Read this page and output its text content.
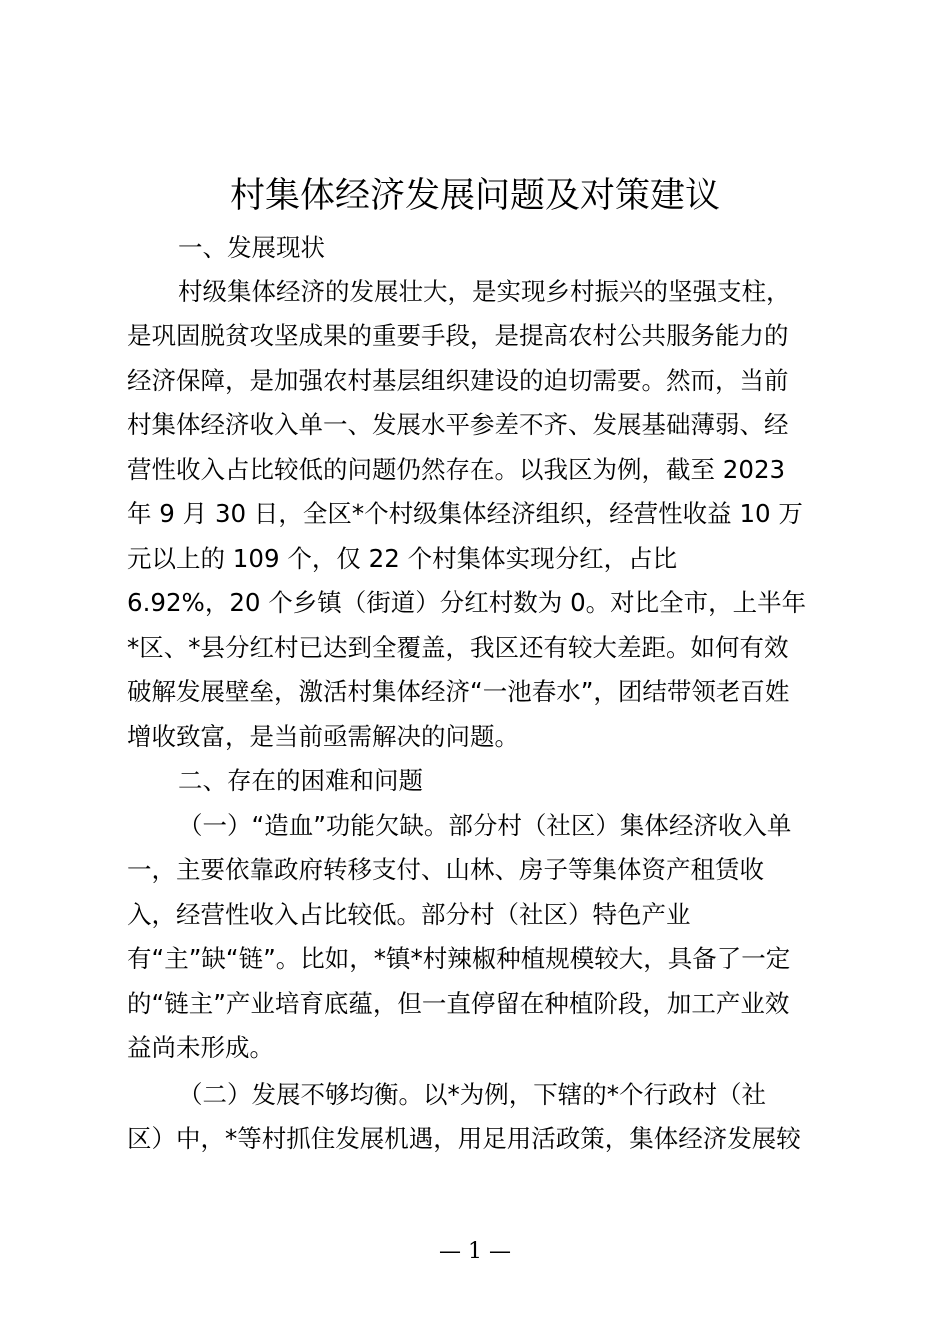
村集体经济发展问题及对策建议
一、发展现状
村级集体经济的发展壮大，是实现乡村振兴的坚强支柱，
是巩固脱贫攻坚成果的重要手段，是提高农村公共服务能力的
经济保障，是加强农村基层组织建设的迫切需要。然而，当前
村集体经济收入单一、发展水平参差不齐、发展基础薄弱、经
营性收入占比较低的问题仍然存在。以我区为例，截至 2023
年 9 月 30 日，全区*个村级集体经济组织，经营性收益 10 万
元以上的 109 个，仅 22 个村集体实现分红，占比
6.92%，20 个乡镇（街道）分红村数为 0。对比全市，上半年
*区、*县分红村已达到全覆盖，我区还有较大差距。如何有效
破解发展壁垒，激活村集体经济“一池春水”，团结带领老百姓
增收致富，是当前亟需解决的问题。
二、存在的困难和问题
（一）“造血”功能欠缺。部分村（社区）集体经济收入单
一，主要依靠政府转移支付、山林、房子等集体资产租赁收
入，经营性收入占比较低。部分村（社区）特色产业
有“主”缺“链”。比如，*镇*村辣椒种植规模较大，具备了一定
的“链主”产业培育底蕴，但一直停留在种植阶段，加工产业效
益尚未形成。
（二）发展不够均衡。以*为例，下辖的*个行政村（社
区）中，*等村抓住发展机遇，用足用活政策，集体经济发展较
— 1 —
